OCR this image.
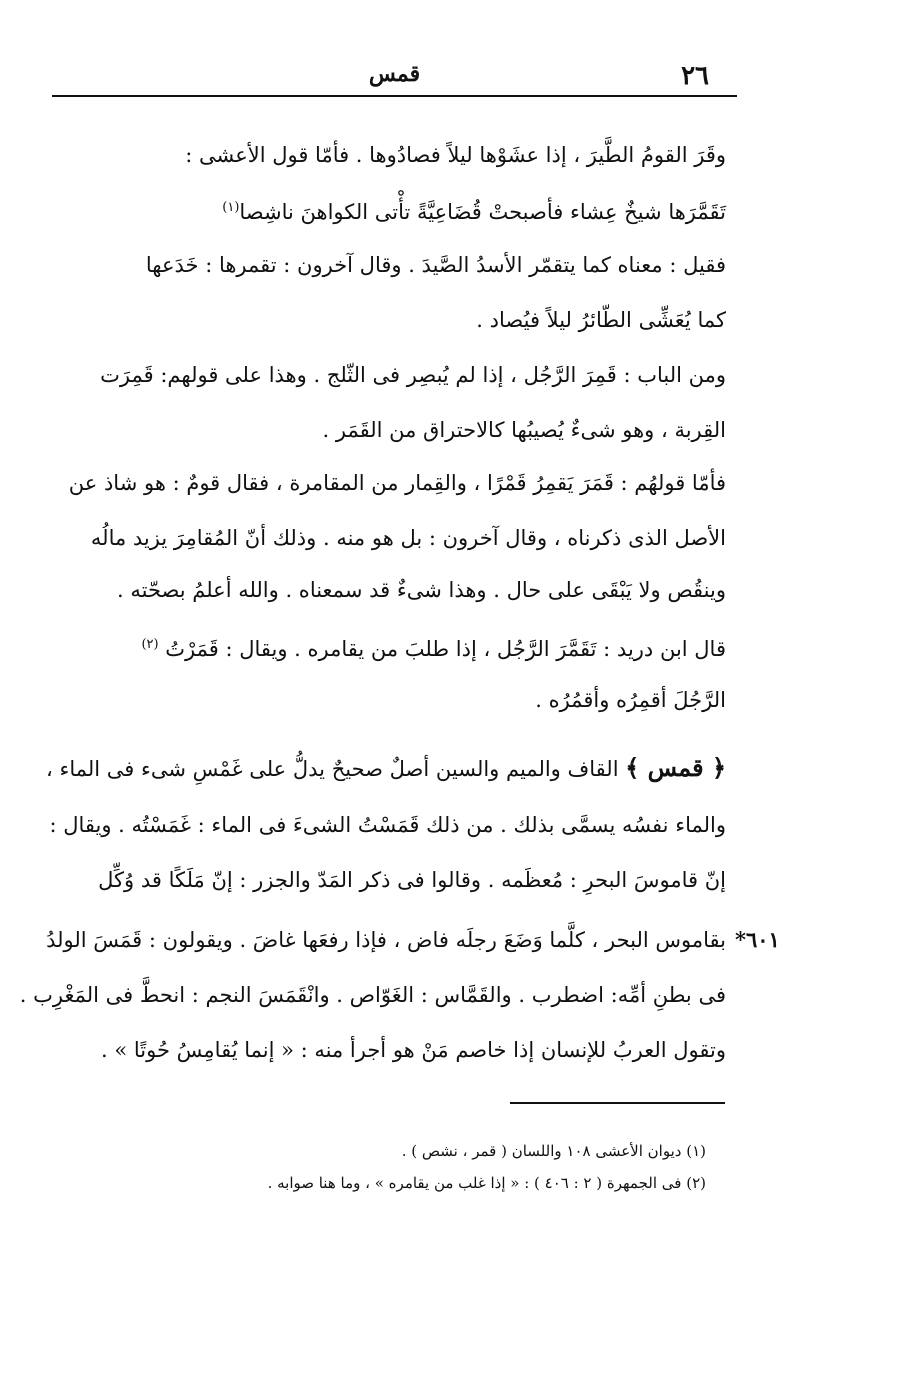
٢٦
قمس
وقَرَ القومُ الطَّيرَ ، إذا عشَوْها ليلاً فصادُوها . فأمّا قول الأعشى :
تَقَمَّرَها شيخٌ عِشاء فأصبحتْ قُضَاعِيَّةً تأْتى الكواهنَ ناشِصا$^{(١)}$
فقيل : معناه كما يتقمّر الأسدُ الصَّيدَ . وقال آخرون : تقمرها : خَدَعها
كما يُعَشِّى الطّائرُ ليلاً فيُصاد .
ومن الباب : قَمِرَ الرَّجُل ، إذا لم يُبصِر فى الثّلج . وهذا على قولهم: قَمِرَت
القِربة ، وهو شىءٌ يُصيبُها كالاحتراق من القَمَر .
فأمّا قولهُم : قَمَرَ يَقمِرُ قَمْرًا ، والقِمار من المقامرة ، فقال قومٌ : هو شاذ عن
الأصل الذى ذكرناه ، وقال آخرون : بل هو منه . وذلك أنّ المُقامِرَ يزيد مالُه
وينقُص ولا يَبْقَى على حال . وهذا شىءٌ قد سمعناه . والله أعلمُ بصحّته .
قال ابن دريد : تَقَمَّرَ الرَّجُل ، إذا طلبَ من يقامره . ويقال : قَمَرْتُ $^{(٢)}$
الرَّجُلَ أقمِرُه وأقمُرُه .
﴿ قمس ﴾ القاف والميم والسين أصلٌ صحيحٌ يدلُّ على غَمْسِ شىء فى الماء ،
والماء نفسُه يسمَّى بذلك . من ذلك قَمَسْتُ الشىءَ فى الماء : غَمَسْتُه . ويقال :
إنّ قاموسَ البحرِ : مُعظَمه . وقالوا فى ذكر المَدّ والجزر : إنّ مَلَكًا قد وُكِّل
بقاموس البحر ، كلَّما وَضَعَ رجلَه فاض ، فإذا رفعَها غاضَ . ويقولون : قَمَسَ الولدُ
فى بطنِ أمِّه: اضطرب . والقَمَّاس : الغَوّاص . وانْقَمَسَ النجم : انحطَّ فى المَغْرِب .
وتقول العربُ للإنسان إذا خاصم مَنْ هو أجرأ منه : « إنما يُقامِسُ حُوتًا » .
٦٠١*
(١) ديوان الأعشى ١٠٨ واللسان ( قمر ، نشص ) .
(٢) فى الجمهرة ( ٢ : ٤٠٦ ) : « إذا غلب من يقامره » ، وما هنا صوابه .
